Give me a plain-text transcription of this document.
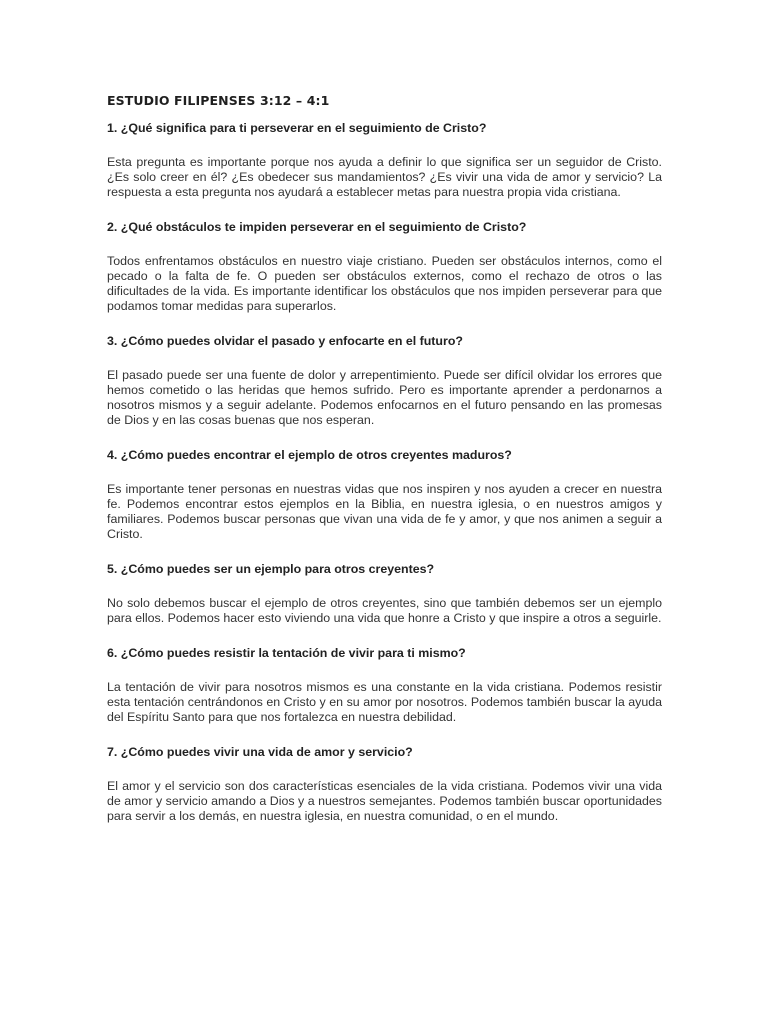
ESTUDIO FILIPENSES 3:12 – 4:1

1. ¿Qué significa para ti perseverar en el seguimiento de Cristo?

Esta pregunta es importante porque nos ayuda a definir lo que significa ser un seguidor de Cristo. ¿Es solo creer en él? ¿Es obedecer sus mandamientos? ¿Es vivir una vida de amor y servicio? La respuesta a esta pregunta nos ayudará a establecer metas para nuestra propia vida cristiana.

2. ¿Qué obstáculos te impiden perseverar en el seguimiento de Cristo?

Todos enfrentamos obstáculos en nuestro viaje cristiano. Pueden ser obstáculos internos, como el pecado o la falta de fe. O pueden ser obstáculos externos, como el rechazo de otros o las dificultades de la vida. Es importante identificar los obstáculos que nos impiden perseverar para que podamos tomar medidas para superarlos.

3. ¿Cómo puedes olvidar el pasado y enfocarte en el futuro?

El pasado puede ser una fuente de dolor y arrepentimiento. Puede ser difícil olvidar los errores que hemos cometido o las heridas que hemos sufrido. Pero es importante aprender a perdonarnos a nosotros mismos y a seguir adelante. Podemos enfocarnos en el futuro pensando en las promesas de Dios y en las cosas buenas que nos esperan.

4. ¿Cómo puedes encontrar el ejemplo de otros creyentes maduros?

Es importante tener personas en nuestras vidas que nos inspiren y nos ayuden a crecer en nuestra fe. Podemos encontrar estos ejemplos en la Biblia, en nuestra iglesia, o en nuestros amigos y familiares. Podemos buscar personas que vivan una vida de fe y amor, y que nos animen a seguir a Cristo.

5. ¿Cómo puedes ser un ejemplo para otros creyentes?

No solo debemos buscar el ejemplo de otros creyentes, sino que también debemos ser un ejemplo para ellos. Podemos hacer esto viviendo una vida que honre a Cristo y que inspire a otros a seguirle.

6. ¿Cómo puedes resistir la tentación de vivir para ti mismo?

La tentación de vivir para nosotros mismos es una constante en la vida cristiana. Podemos resistir esta tentación centrándonos en Cristo y en su amor por nosotros. Podemos también buscar la ayuda del Espíritu Santo para que nos fortalezca en nuestra debilidad.

7. ¿Cómo puedes vivir una vida de amor y servicio?

El amor y el servicio son dos características esenciales de la vida cristiana. Podemos vivir una vida de amor y servicio amando a Dios y a nuestros semejantes. Podemos también buscar oportunidades para servir a los demás, en nuestra iglesia, en nuestra comunidad, o en el mundo.
